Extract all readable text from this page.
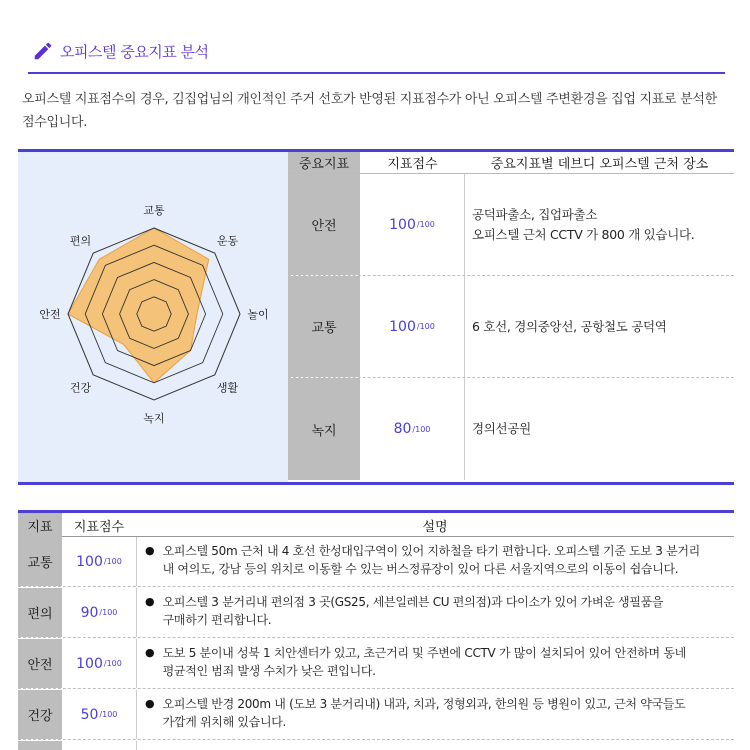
오피스텔 중요지표 분석

오피스텔 지표점수의 경우, 김집업님의 개인적인 주거 선호가 반영된 지표점수가 아닌 오피스텔 주변환경을 집업 지표로 분석한 점수입니다.

교통
운동
놀이
생활
녹지
건강
안전
편의
중요지표	지표점수	중요지표별 데브디 오피스텔 근처 장소
안전	100 /100
공덕파출소, 집업파출소
오피스텔 근처 CCTV 가 800 개 있습니다.
교통	100 /100	6 호선, 경의중앙선, 공항철도 공덕역
녹지	80 /100	경의선공원
지표	지표점수	설명
교통	100 /100
● 오피스텔 50m 근처 내 4 호선 한성대입구역이 있어 지하철을 타기 편합니다. 오피스텔 기준 도보 3 분거리
내 여의도, 강남 등의 위치로 이동할 수 있는 버스정류장이 있어 다른 서울지역으로의 이동이 쉽습니다.
편의	90 /100
● 오피스텔 3 분거리내 편의점 3 곳(GS25, 세븐일레븐 CU 편의점)과 다이소가 있어 가벼운 생필품을
구매하기 편리합니다.
안전	100 /100
● 도보 5 분이내 성북 1 치안센터가 있고, 초근거리 및 주변에 CCTV 가 많이 설치되어 있어 안전하며 동네
평균적인 범죄 발생 수치가 낮은 편입니다.
건강	50 /100
● 오피스텔 반경 200m 내 (도보 3 분거리내) 내과, 치과, 정형외과, 한의원 등 병원이 있고, 근처 약국들도
가깝게 위치해 있습니다.
